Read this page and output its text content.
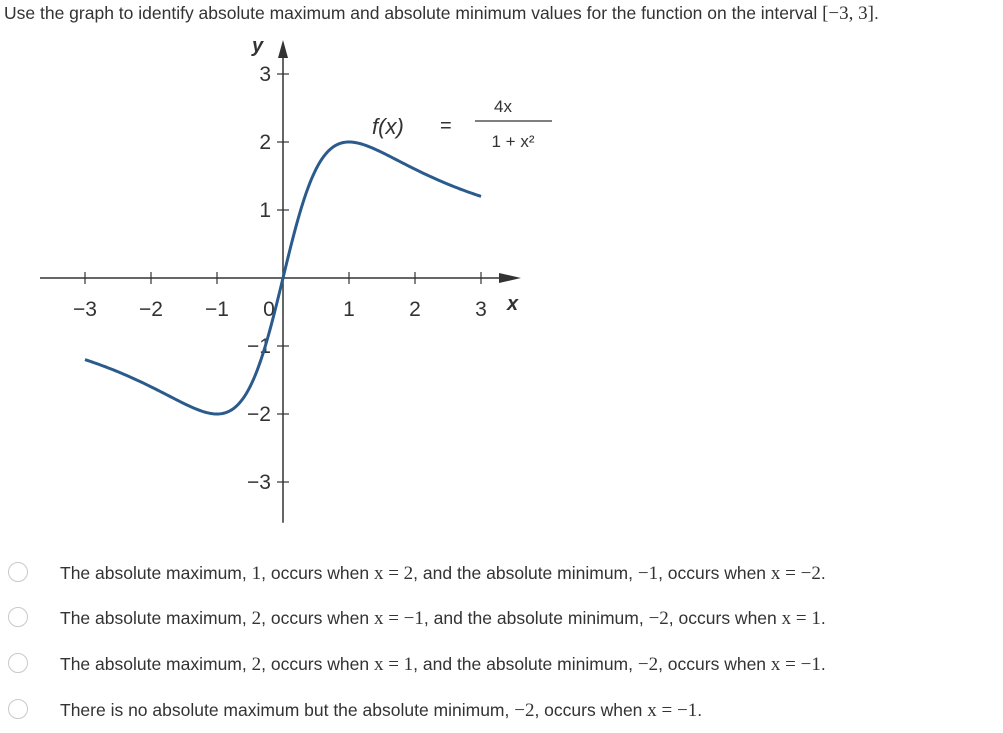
Use the graph to identify absolute maximum and absolute minimum values for the function on the interval [−3, 3].
−3 −2 −1 0	1	2	3
3
2
1
−1
−2
−3
f(x) =
4x
1 + x²
x
y
The absolute maximum, 1, occurs when x = 2, and the absolute minimum, −1, occurs when x = −2.
The absolute maximum, 2, occurs when x = −1, and the absolute minimum, −2, occurs when x = 1.
The absolute maximum, 2, occurs when x = 1, and the absolute minimum, −2, occurs when x = −1.
There is no absolute maximum but the absolute minimum, −2, occurs when x = −1.
